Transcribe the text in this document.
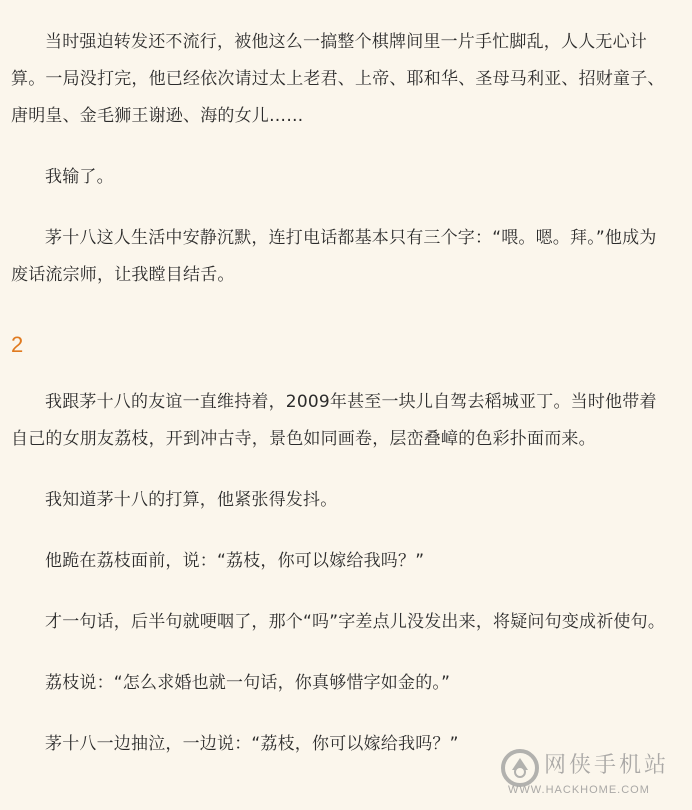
当时强迫转发还不流行，被他这么一搞整个棋牌间里一片手忙脚乱，人人无心计算。一局没打完，他已经依次请过太上老君、上帝、耶和华、圣母马利亚、招财童子、唐明皇、金毛狮王谢逊、海的女儿……

我输了。

茅十八这人生活中安静沉默，连打电话都基本只有三个字：“喂。嗯。拜。”他成为废话流宗师，让我瞠目结舌。

2

我跟茅十八的友谊一直维持着，2009年甚至一块儿自驾去稻城亚丁。当时他带着自己的女朋友荔枝，开到冲古寺，景色如同画卷，层峦叠嶂的色彩扑面而来。

我知道茅十八的打算，他紧张得发抖。

他跪在荔枝面前，说：“荔枝，你可以嫁给我吗？”

才一句话，后半句就哽咽了，那个“吗”字差点儿没发出来，将疑问句变成祈使句。

荔枝说：“怎么求婚也就一句话，你真够惜字如金的。”

茅十八一边抽泣，一边说：“荔枝，你可以嫁给我吗？”

网侠手机站
WWW.HACKHOME.COM
